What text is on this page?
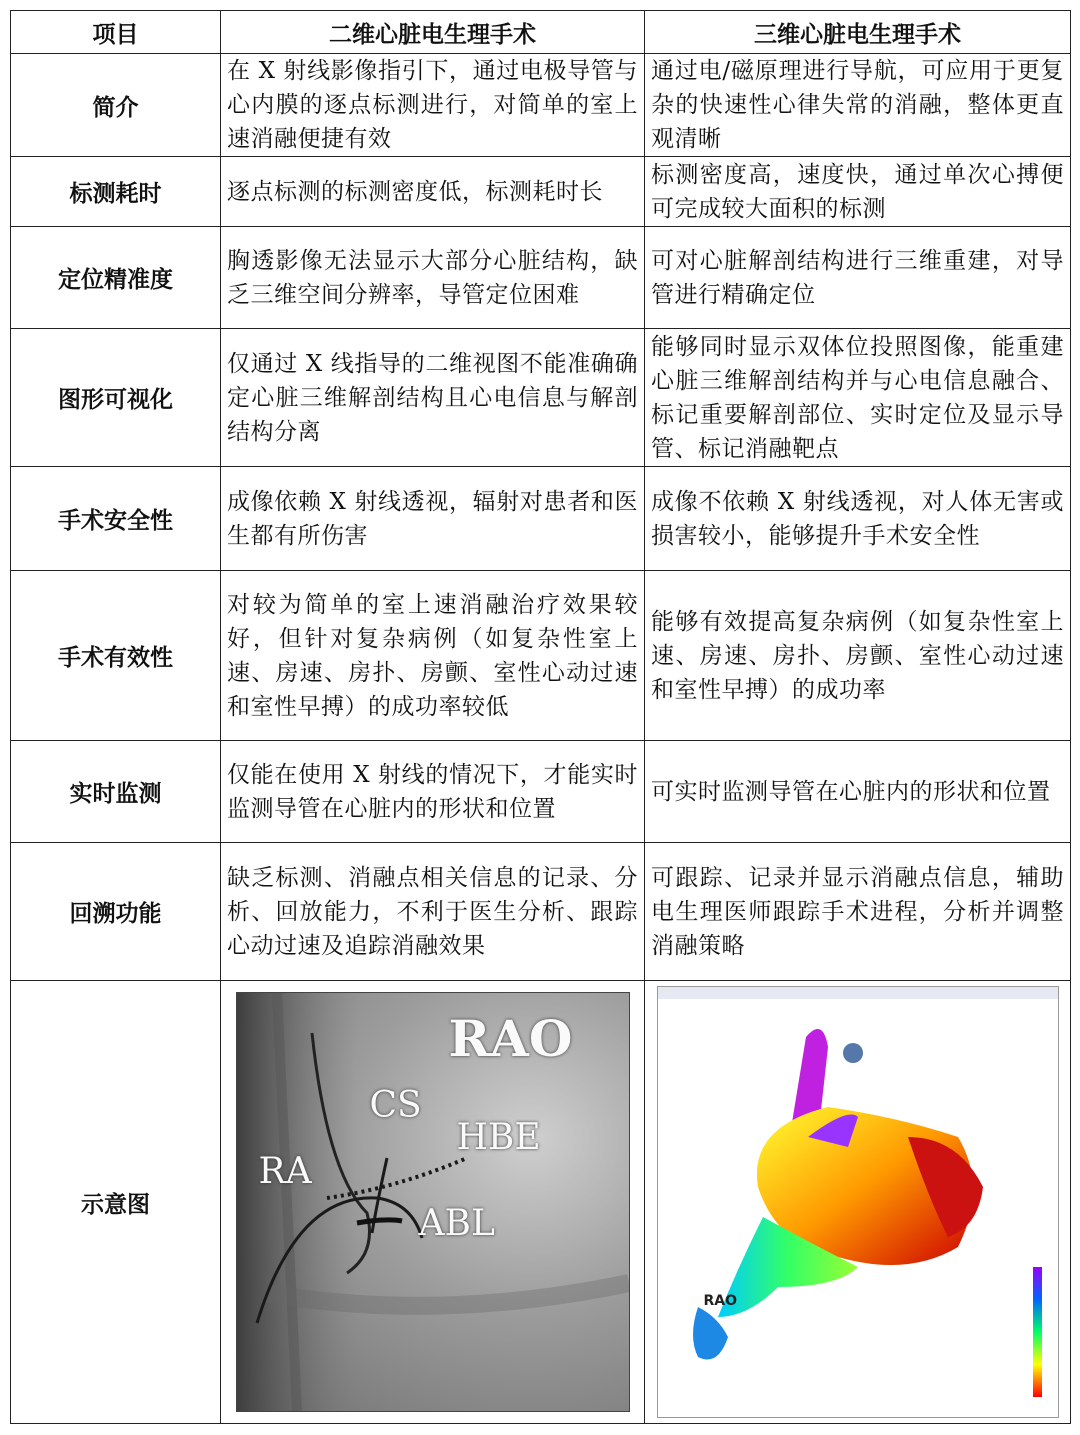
项目	二维心脏电生理手术	三维心脏电生理手术
简介	在 X 射线影像指引下，通过电极导管与心内膜的逐点标测进行，对简单的室上速消融便捷有效	通过电/磁原理进行导航，可应用于更复杂的快速性心律失常的消融，整体更直观清晰
标测耗时	逐点标测的标测密度低，标测耗时长	标测密度高，速度快，通过单次心搏便可完成较大面积的标测
定位精准度	胸透影像无法显示大部分心脏结构，缺乏三维空间分辨率，导管定位困难	可对心脏解剖结构进行三维重建，对导管进行精确定位
图形可视化	仅通过 X 线指导的二维视图不能准确确定心脏三维解剖结构且心电信息与解剖结构分离	能够同时显示双体位投照图像，能重建心脏三维解剖结构并与心电信息融合、标记重要解剖部位、实时定位及显示导管、标记消融靶点
手术安全性	成像依赖 X 射线透视，辐射对患者和医生都有所伤害	成像不依赖 X 射线透视，对人体无害或损害较小，能够提升手术安全性
手术有效性	对较为简单的室上速消融治疗效果较好，但针对复杂病例（如复杂性室上速、房速、房扑、房颤、室性心动过速和室性早搏）的成功率较低	能够有效提高复杂病例（如复杂性室上速、房速、房扑、房颤、室性心动过速和室性早搏）的成功率
实时监测	仅能在使用 X 射线的情况下，才能实时监测导管在心脏内的形状和位置	可实时监测导管在心脏内的形状和位置
回溯功能	缺乏标测、消融点相关信息的记录、分析、回放能力，不利于医生分析、跟踪心动过速及追踪消融效果	可跟踪、记录并显示消融点信息，辅助电生理医师跟踪手术进程，分析并调整消融策略
示意图	RAO
CS
HBE
RA
ABL	RAO
